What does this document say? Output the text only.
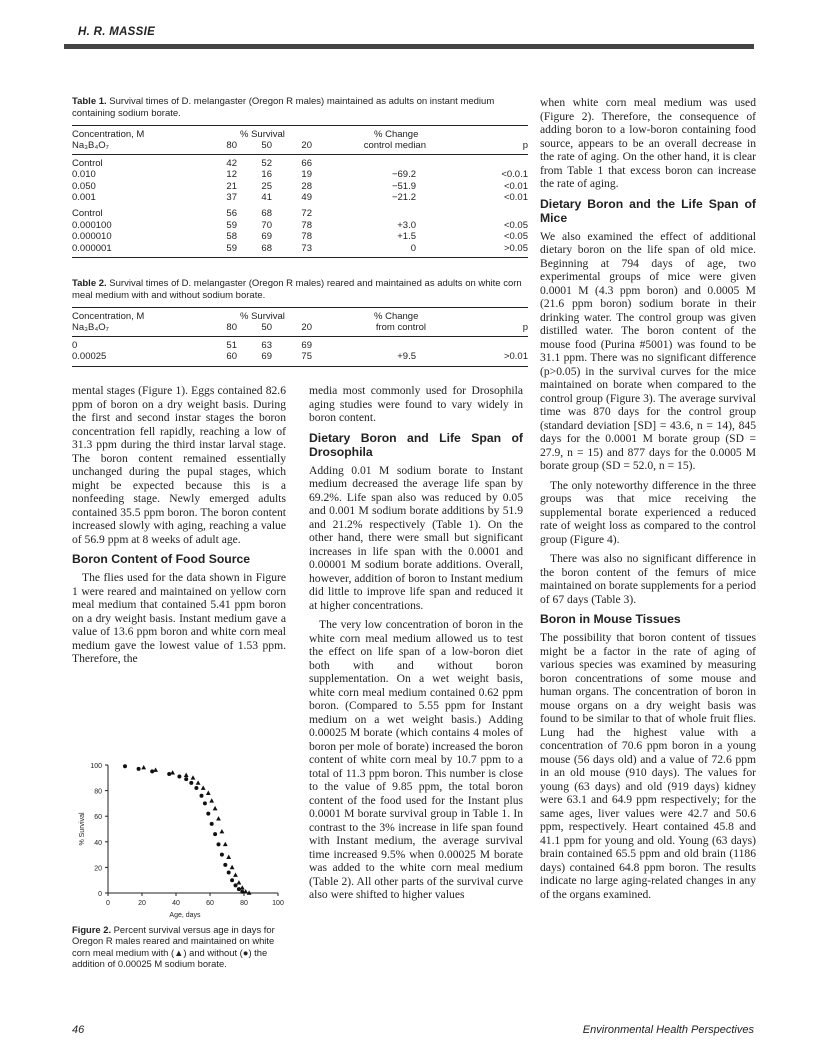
H. R. MASSIE
Table 1. Survival times of D. melangaster (Oregon R males) maintained as adults on instant medium containing sodium borate.
Concentration, M	% Survival	% Change
Na₃B₄O₇	80	50	20	control median	p
Control	42	52	66
0.010	12	16	19	−69.2	<0.0.1
0.050	21	25	28	−51.9	<0.01
0.001	37	41	49	−21.2	<0.01
Control	56	68	72
0.000100	59	70	78	+3.0	<0.05
0.000010	58	69	78	+1.5	<0.05
0.000001	59	68	73	0	>0.05
Table 2. Survival times of D. melangaster (Oregon R males) reared and maintained as adults on white corn meal medium with and without sodium borate.
Concentration, M	% Survival	% Change
Na₃B₄O₇	80	50	20	from control	p
0	51	63	69
0.00025	60	69	75	+9.5	>0.01

mental stages (Figure 1). Eggs contained 82.6 ppm of boron on a dry weight basis. During the first and second instar stages the boron concentration fell rapidly, reaching a low of 31.3 ppm during the third instar larval stage. The boron content remained essentially unchanged during the pupal stages, which might be expected because this is a nonfeeding stage. Newly emerged adults contained 35.5 ppm boron. The boron content increased slowly with aging, reaching a value of 56.9 ppm at 8 weeks of adult age.

Boron Content of Food Source

The flies used for the data shown in Figure 1 were reared and maintained on yellow corn meal medium that contained 5.41 ppm boron on a dry weight basis. Instant medium gave a value of 13.6 ppm boron and white corn meal medium gave the lowest value of 1.53 ppm. Therefore, the

0
20
40
60
80
100
0	20	40	60	80	100
Age, days
% Survival
Figure 2. Percent survival versus age in days for Oregon R males reared and maintained on white corn meal medium with (▲) and without (●) the addition of 0.00025 M sodium borate.

media most commonly used for Drosophila aging studies were found to vary widely in boron content.

Dietary Boron and Life Span of Drosophila

Adding 0.01 M sodium borate to Instant medium decreased the average life span by 69.2%. Life span also was reduced by 0.05 and 0.001 M sodium borate additions by 51.9 and 21.2% respectively (Table 1). On the other hand, there were small but significant increases in life span with the 0.0001 and 0.00001 M sodium borate additions. Overall, however, addition of boron to Instant medium did little to improve life span and reduced it at higher concentrations.

The very low concentration of boron in the white corn meal medium allowed us to test the effect on life span of a low-boron diet both with and without boron supplementation. On a wet weight basis, white corn meal medium contained 0.62 ppm boron. (Compared to 5.55 ppm for Instant medium on a wet weight basis.) Adding 0.00025 M borate (which contains 4 moles of boron per mole of borate) increased the boron content of white corn meal by 10.7 ppm to a total of 11.3 ppm boron. This number is close to the value of 9.85 ppm, the total boron content of the food used for the Instant plus 0.0001 M borate survival group in Table 1. In contrast to the 3% increase in life span found with Instant medium, the average survival time increased 9.5% when 0.00025 M borate was added to the white corn meal medium (Table 2). All other parts of the survival curve also were shifted to higher values

when white corn meal medium was used (Figure 2). Therefore, the consequence of adding boron to a low-boron containing food source, appears to be an overall decrease in the rate of aging. On the other hand, it is clear from Table 1 that excess boron can increase the rate of aging.

Dietary Boron and the Life Span of Mice

We also examined the effect of additional dietary boron on the life span of old mice. Beginning at 794 days of age, two experimental groups of mice were given 0.0001 M (4.3 ppm boron) and 0.0005 M (21.6 ppm boron) sodium borate in their drinking water. The control group was given distilled water. The boron content of the mouse food (Purina #5001) was found to be 31.1 ppm. There was no significant difference (p>0.05) in the survival curves for the mice maintained on borate when compared to the control group (Figure 3). The average survival time was 870 days for the control group (standard deviation [SD] = 43.6, n = 14), 845 days for the 0.0001 M borate group (SD = 27.9, n = 15) and 877 days for the 0.0005 M borate group (SD = 52.0, n = 15).

The only noteworthy difference in the three groups was that mice receiving the supplemental borate experienced a reduced rate of weight loss as compared to the control group (Figure 4).

There was also no significant difference in the boron content of the femurs of mice maintained on borate supplements for a period of 67 days (Table 3).

Boron in Mouse Tissues

The possibility that boron content of tissues might be a factor in the rate of aging of various species was examined by measuring boron concentrations of some mouse and human organs. The concentration of boron in mouse organs on a dry weight basis was found to be similar to that of whole fruit flies. Lung had the highest value with a concentration of 70.6 ppm boron in a young mouse (56 days old) and a value of 72.6 ppm in an old mouse (910 days). The values for young (63 days) and old (919 days) kidney were 63.1 and 64.9 ppm respectively; for the same ages, liver values were 42.7 and 50.6 ppm, respectively. Heart contained 45.8 and 41.1 ppm for young and old. Young (63 days) brain contained 65.5 ppm and old brain (1186 days) contained 64.8 ppm boron. The results indicate no large aging-related changes in any of the organs examined.

46	Environmental Health Perspectives
